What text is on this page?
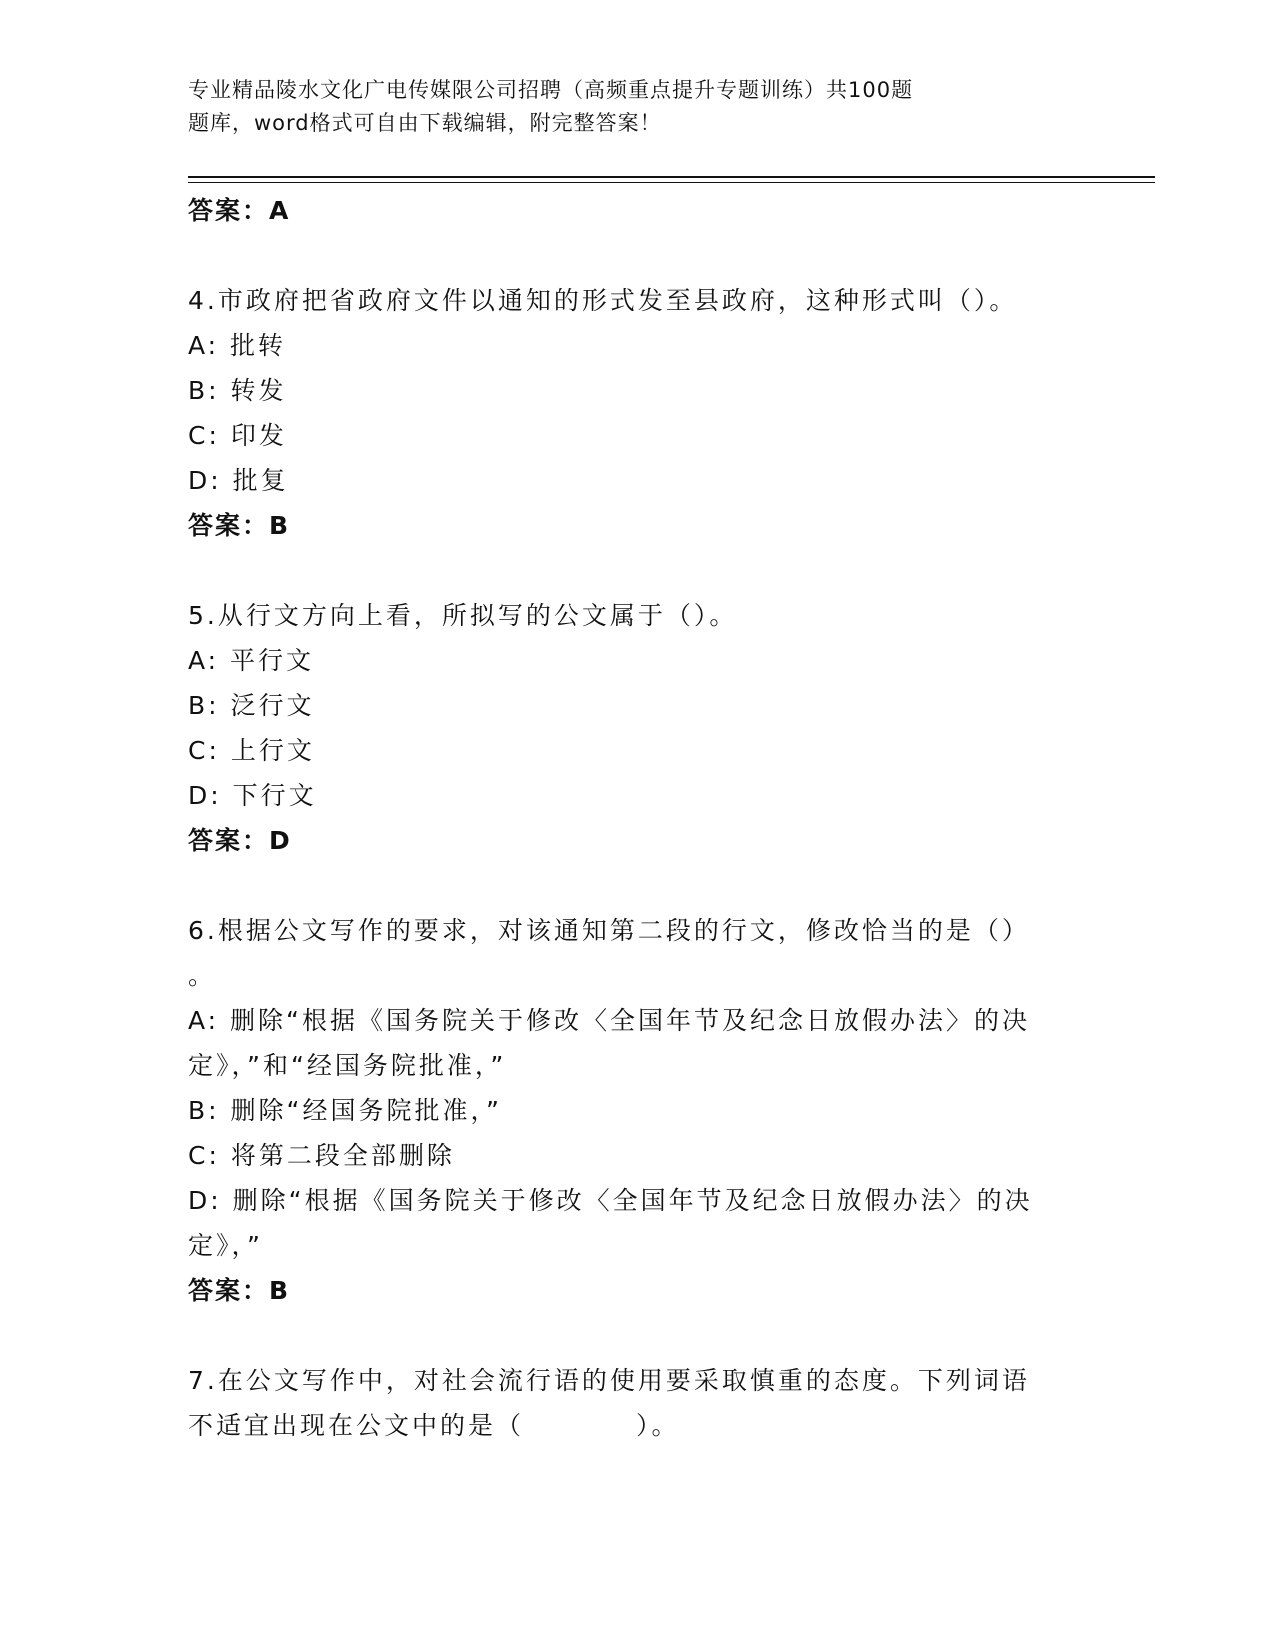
专业精品陵水文化广电传媒限公司招聘（高频重点提升专题训练）共100题
题库，word格式可自由下载编辑，附完整答案！
答案：A
4.市政府把省政府文件以通知的形式发至县政府，这种形式叫（）。
A: 批转
B: 转发
C: 印发
D: 批复
答案：B
5.从行文方向上看，所拟写的公文属于（）。
A: 平行文
B: 泛行文
C: 上行文
D: 下行文
答案：D
6.根据公文写作的要求，对该通知第二段的行文，修改恰当的是（）
。
A: 删除“根据《国务院关于修改〈全国年节及纪念日放假办法〉的决
定》，”和“经国务院批准，”
B: 删除“经国务院批准，”
C: 将第二段全部删除
D: 删除“根据《国务院关于修改〈全国年节及纪念日放假办法〉的决
定》，”
答案：B
7.在公文写作中，对社会流行语的使用要采取慎重的态度。下列词语
不适宜出现在公文中的是（　　　　）。
